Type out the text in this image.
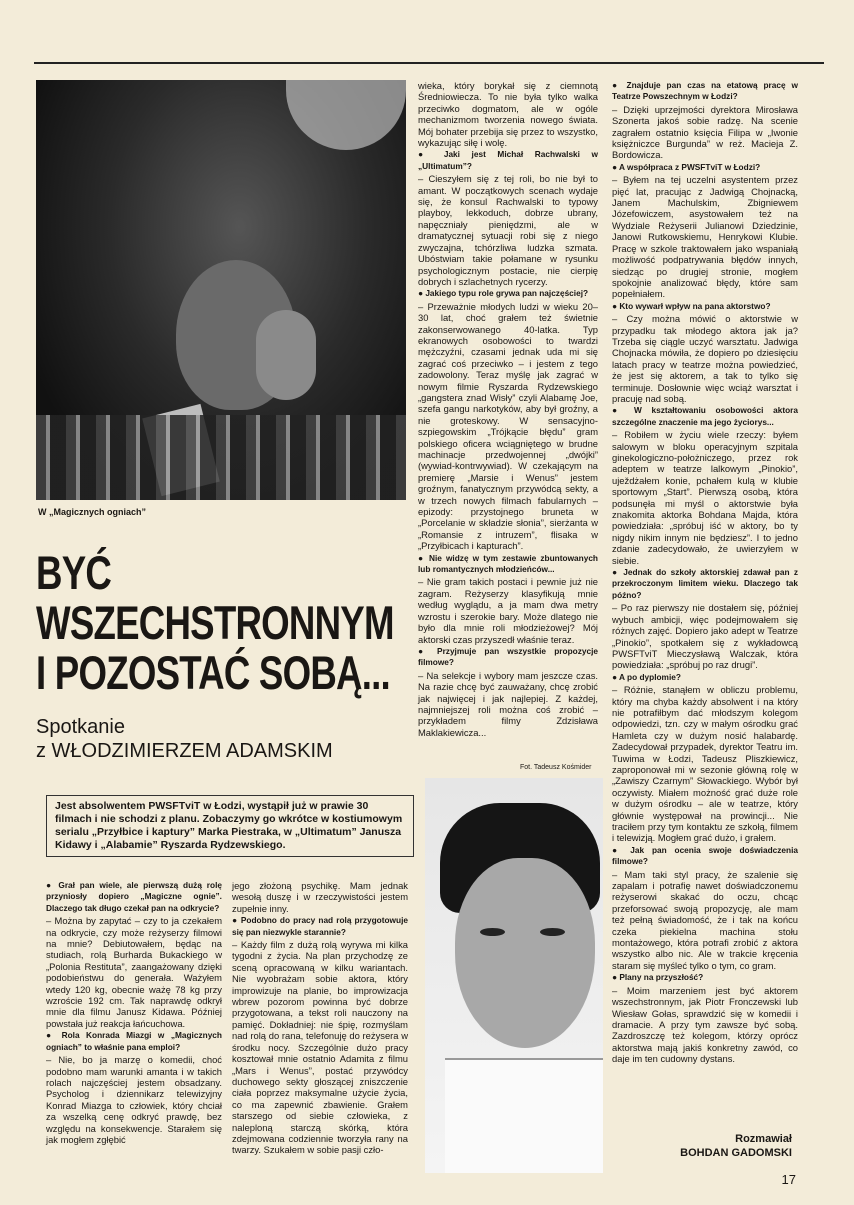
W „Magicznych ogniach”
BYĆ
WSZECHSTRONNYM
I POZOSTAĆ SOBĄ...
Spotkanie
z WŁODZIMIERZEM ADAMSKIM
Jest absolwentem PWSFTviT w Łodzi, wystąpił już w prawie 30 filmach i nie schodzi z planu. Zobaczymy go wkrótce w kostiumowym serialu „Przyłbice i kaptury” Marka Piestraka, w „Ultimatum” Janusza Kidawy i „Alabamie” Ryszarda Rydzewskiego.

● Grał pan wiele, ale pierwszą dużą rolę przyniosły dopiero „Magiczne ognie”. Dlaczego tak długo czekał pan na odkrycie?

– Można by zapytać – czy to ja czekałem na odkrycie, czy może reżyserzy filmowi na mnie? Debiutowałem, będąc na studiach, rolą Burharda Bukackiego w „Polonia Restituta”, zaangażowany dzięki podobieństwu do generała. Ważyłem wtedy 120 kg, obecnie ważę 78 kg przy wzroście 192 cm. Tak naprawdę odkrył mnie dla filmu Janusz Kidawa. Później powstała już reakcja łańcuchowa.

● Rola Konrada Miazgi w „Magicznych ogniach” to właśnie pana emploi?

– Nie, bo ja marzę o komedii, choć podobno mam warunki amanta i w takich rolach najczęściej jestem obsadzany. Psycholog i dziennikarz telewizyjny Konrad Miazga to człowiek, który chciał za wszelką cenę odkryć prawdę, bez względu na konsekwencje. Starałem się jak mogłem zgłębić

jego złożoną psychikę. Mam jednak wesołą duszę i w rzeczywistości jestem zupełnie inny.

● Podobno do pracy nad rolą przygotowuje się pan niezwykle starannie?

– Każdy film z dużą rolą wyrywa mi kilka tygodni z życia. Na plan przychodzę ze sceną opracowaną w kilku wariantach. Nie wyobrażam sobie aktora, który improwizuje na planie, bo improwizacja wbrew pozorom powinna być dobrze przygotowana, a tekst roli nauczony na pamięć. Dokładniej: nie śpię, rozmyślam nad rolą do rana, telefonuję do reżysera w środku nocy. Szczególnie dużo pracy kosztował mnie ostatnio Adamita z filmu „Mars i Wenus”, postać przywódcy duchowego sekty głoszącej zniszczenie ciała poprzez maksymalne użycie życia, co ma zapewnić zbawienie. Grałem starszego od siebie człowieka, z naleploną starczą skórką, która zdejmowana codziennie tworzyła rany na twarzy. Szukałem w sobie pasji czło-

wieka, który borykał się z ciemnotą Średniowiecza. To nie była tylko walka przeciwko dogmatom, ale w ogóle mechanizmom tworzenia nowego świata. Mój bohater przebija się przez to wszystko, wykazując siłę i wolę.

● Jaki jest Michał Rachwalski w „Ultimatum”?

– Cieszyłem się z tej roli, bo nie był to amant. W początkowych scenach wydaje się, że konsul Rachwalski to typowy playboy, lekkoduch, dobrze ubrany, napęczniały pieniędzmi, ale w dramatycznej sytuacji robi się z niego zwyczajna, tchórzliwa ludzka szmata. Ubóstwiam takie połamane w rysunku psychologicznym postacie, nie cierpię dobrych i szlachetnych rycerzy.

● Jakiego typu role grywa pan najczęściej?

– Przeważnie młodych ludzi w wieku 20–30 lat, choć grałem też świetnie zakonserwowanego 40-latka. Typ ekranowych osobowości to twardzi mężczyźni, czasami jednak uda mi się zagrać coś przeciwko – i jestem z tego zadowolony. Teraz myślę jak zagrać w nowym filmie Ryszarda Rydzewskiego „gangstera znad Wisły” czyli Alabamę Joe, szefa gangu narkotyków, aby był groźny, a nie groteskowy. W sensacyjno-szpiegowskim „Trójkącie błędu” gram polskiego oficera wciągniętego w brudne machinacje przedwojennej „dwójki” (wywiad-kontrwywiad). W czekającym na premierę „Marsie i Wenus” jestem groźnym, fanatycznym przywódcą sekty, a w trzech nowych filmach fabularnych – epizody: przystojnego bruneta w „Porcelanie w składzie słonia”, sierżanta w „Romansie z intruzem”, flisaka w „Przyłbicach i kapturach”.

● Nie widzę w tym zestawie zbuntowanych lub romantycznych młodzieńców...

– Nie gram takich postaci i pewnie już nie zagram. Reżyserzy klasyfikują mnie według wyglądu, a ja mam dwa metry wzrostu i szerokie bary. Może dlatego nie było dla mnie roli młodzieżowej? Mój aktorski czas przyszedł właśnie teraz.

● Przyjmuje pan wszystkie propozycje filmowe?

– Na selekcje i wybory mam jeszcze czas. Na razie chcę być zauważany, chcę zrobić jak najwięcej i jak najlepiej. Z każdej, najmniejszej roli można coś zrobić – przykładem filmy Zdzisława Maklakiewicza...

● Znajduje pan czas na etatową pracę w Teatrze Powszechnym w Łodzi?

– Dzięki uprzejmości dyrektora Mirosława Szonerta jakoś sobie radzę. Na scenie zagrałem ostatnio księcia Filipa w „Iwonie księżniczce Burgunda” w reż. Macieja Z. Bordowicza.

● A współpraca z PWSFTviT w Łodzi?

– Byłem na tej uczelni asystentem przez pięć lat, pracując z Jadwigą Chojnacką, Janem Machulskim, Zbigniewem Józefowiczem, asystowałem też na Wydziale Reżyserii Julianowi Dziedzinie, Janowi Rutkowskiemu, Henrykowi Klubie. Pracę w szkole traktowałem jako wspaniałą możliwość podpatrywania błędów innych, siedząc po drugiej stronie, mogłem spokojnie analizować błędy, które sam popełniałem.

● Kto wywarł wpływ na pana aktorstwo?

– Czy można mówić o aktorstwie w przypadku tak młodego aktora jak ja? Trzeba się ciągle uczyć warsztatu. Jadwiga Chojnacka mówiła, że dopiero po dziesięciu latach pracy w teatrze można powiedzieć, że jest się aktorem, a tak to tylko się terminuje. Dosłownie więc wciąż warsztat i pracuję nad sobą.

● W kształtowaniu osobowości aktora szczególne znaczenie ma jego życiorys...

– Robiłem w życiu wiele rzeczy: byłem salowym w bloku operacyjnym szpitala ginekologiczno-położniczego, przez rok adeptem w teatrze lalkowym „Pinokio”, uježdżałem konie, pchałem kulą w klubie sportowym „Start”. Pierwszą osobą, która podsunęła mi myśl o aktorstwie była znakomita aktorka Bohdana Majda, która powiedziała: „spróbuj iść w aktory, bo ty nigdy nikim innym nie będziesz”. I to jedno zdanie zadecydowało, że uwierzyłem w siebie.

● Jednak do szkoły aktorskiej zdawał pan z przekroczonym limitem wieku. Dlaczego tak późno?

– Po raz pierwszy nie dostałem się, później wybuch ambicji, więc podejmowałem się różnych zajęć. Dopiero jako adept w Teatrze „Pinokio”, spotkałem się z wykładowcą PWSFTviT Mieczysławą Walczak, która powiedziała: „spróbuj po raz drugi”.

● A po dyplomie?

– Różnie, stanąłem w obliczu problemu, który ma chyba każdy absolwent i na który nie potrafiłbym dać młodszym kolegom odpowiedzi, tzn. czy w małym ośrodku grać Hamleta czy w dużym nosić halabardę. Zadecydował przypadek, dyrektor Teatru im. Tuwima w Łodzi, Tadeusz Pliszkiewicz, zaproponował mi w sezonie główną rolę w „Zawiszy Czarnym” Słowackiego. Wybór był oczywisty. Miałem możność grać duże role w dużym ośrodku – ale w teatrze, który głównie występował na prowincji... Nie traciłem przy tym kontaktu ze szkołą, filmem i telewizją. Mogłem grać dużo, i grałem.

● Jak pan ocenia swoje doświadczenia filmowe?

– Mam taki styl pracy, że szalenie się zapalam i potrafię nawet doświadczonemu reżyserowi skakać do oczu, chcąc przeforsować swoją propozycję, ale mam też pełną świadomość, że i tak na końcu czeka piekielna machina stołu montażowego, która potrafi zrobić z aktora wszystko albo nic. Ale w trakcie kręcenia staram się myśleć tylko o tym, co gram.

● Plany na przyszłość?

– Moim marzeniem jest być aktorem wszechstronnym, jak Piotr Fronczewski lub Wiesław Gołas, sprawdzić się w komedii i dramacie. A przy tym zawsze być sobą. Zazdroszczę też kolegom, którzy oprócz aktorstwa mają jakiś konkretny zawód, co daje im ten cudowny dystans.

Fot. Tadeusz Kośmider
Rozmawiał
BOHDAN GADOMSKI
17
